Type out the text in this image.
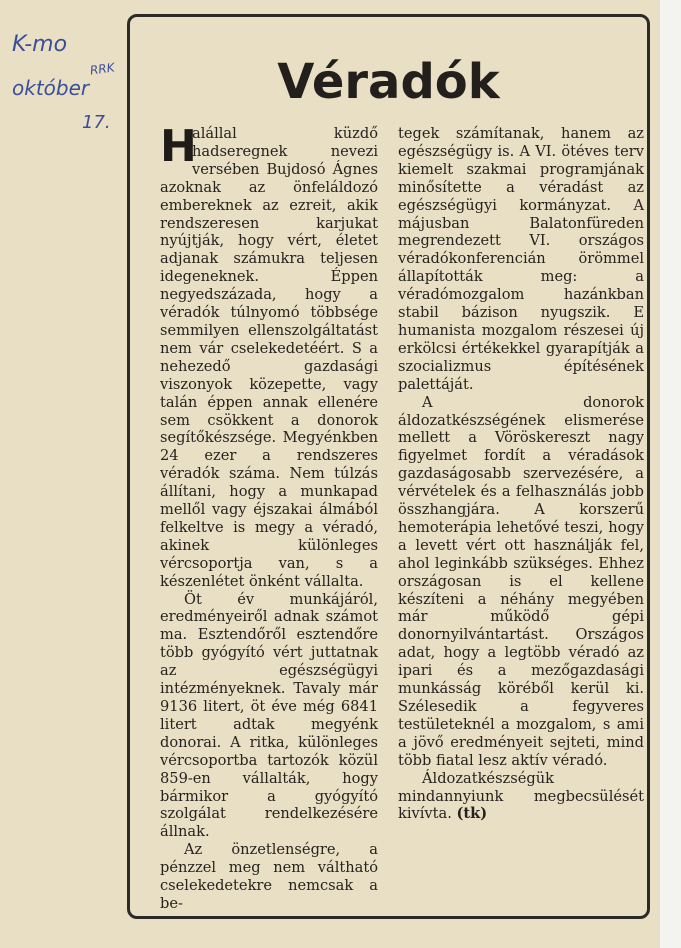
K-mo
RRK
október
17.
Véradók

H
alállal küzdő hadseregnek nevezi versében Bujdosó Ágnes azoknak az önfeláldozó embereknek az ezreit, akik rendszeresen karjukat nyújtják, hogy vért, életet adjanak számukra teljesen idegeneknek. Éppen negyedszázada, hogy a véradók túlnyomó többsége semmilyen ellenszolgáltatást nem vár cselekedetéért. S a nehezedő gazdasági viszonyok közepette, vagy talán éppen annak ellenére sem csökkent a donorok segítőkészsége. Megyénkben 24 ezer a rendszeres véradók száma. Nem túlzás állítani, hogy a munkapad mellől vagy éjszakai álmából felkeltve is megy a véradó, akinek különleges vércsoportja van, s a készenlétet önként vállalta.

Öt év munkájáról, eredményeiről adnak számot ma. Esztendőről esztendőre több gyógyító vért juttatnak az egészségügyi intézményeknek. Tavaly már 9136 litert, öt éve még 6841 litert adtak megyénk donorai. A ritka, különleges vércsoportba tartozók közül 859-en vállalták, hogy bármikor a gyógyító szolgálat rendelkezésére állnak.

Az önzetlenségre, a pénzzel meg nem váltható cselekedetekre nemcsak a be-

tegek számítanak, hanem az egészségügy is. A VI. ötéves terv kiemelt szakmai programjának minősítette a véradást az egészségügyi kormányzat. A májusban Balatonfüreden megrendezett VI. országos véradókonferencián örömmel állapították meg: a véradómozgalom hazánkban stabil bázison nyugszik. E humanista mozgalom részesei új erkölcsi értékekkel gyarapítják a szocializmus építésének palettáját.

A donorok áldozatkészségének elismerése mellett a Vöröskereszt nagy figyelmet fordít a véradások gazdaságosabb szervezésére, a vérvételek és a felhasználás jobb összhangjára. A korszerű hemoterápia lehetővé teszi, hogy a levett vért ott használják fel, ahol leginkább szükséges. Ehhez országosan is el kellene készíteni a néhány megyében már működő gépi donornyilvántartást. Országos adat, hogy a legtöbb véradó az ipari és a mezőgazdasági munkásság köréből kerül ki. Szélesedik a fegyveres testületeknél a mozgalom, s ami a jövő eredményeit sejteti, mind több fiatal lesz aktív véradó.

Áldozatkészségük mindannyiunk megbecsülését kivívta. (tk)
